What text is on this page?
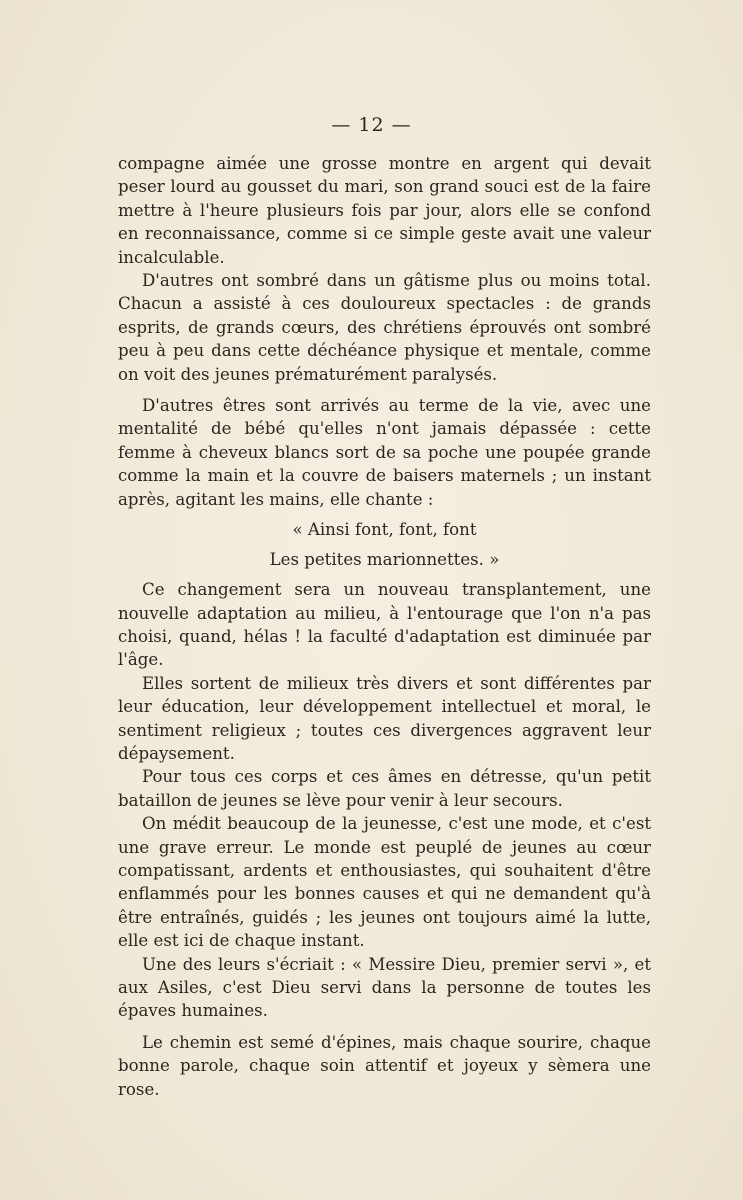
— 12 —

compagne aimée une grosse montre en argent qui devait peser lourd au gousset du mari, son grand souci est de la faire mettre à l'heure plusieurs fois par jour, alors elle se confond en reconnaissance, comme si ce simple geste avait une valeur incalculable.

D'autres ont sombré dans un gâtisme plus ou moins total. Chacun a assisté à ces douloureux spectacles : de grands esprits, de grands cœurs, des chrétiens éprouvés ont sombré peu à peu dans cette déchéance physique et mentale, comme on voit des jeunes prématurément paralysés.

D'autres êtres sont arrivés au terme de la vie, avec une mentalité de bébé qu'elles n'ont jamais dépassée : cette femme à cheveux blancs sort de sa poche une poupée grande comme la main et la couvre de baisers maternels ; un instant après, agitant les mains, elle chante :

« Ainsi font, font, font
Les petites marionnettes. »

Ce changement sera un nouveau transplantement, une nouvelle adaptation au milieu, à l'entourage que l'on n'a pas choisi, quand, hélas ! la faculté d'adaptation est diminuée par l'âge.

Elles sortent de milieux très divers et sont différentes par leur éducation, leur développement intellectuel et moral, le sentiment religieux ; toutes ces divergences aggravent leur dépaysement.

Pour tous ces corps et ces âmes en détresse, qu'un petit bataillon de jeunes se lève pour venir à leur secours.

On médit beaucoup de la jeunesse, c'est une mode, et c'est une grave erreur. Le monde est peuplé de jeunes au cœur compatissant, ardents et enthousiastes, qui souhaitent d'être enflammés pour les bonnes causes et qui ne demandent qu'à être entraînés, guidés ; les jeunes ont toujours aimé la lutte, elle est ici de chaque instant.

Une des leurs s'écriait : « Messire Dieu, premier servi », et aux Asiles, c'est Dieu servi dans la personne de toutes les épaves humaines.

Le chemin est semé d'épines, mais chaque sourire, chaque bonne parole, chaque soin attentif et joyeux y sèmera une rose.
